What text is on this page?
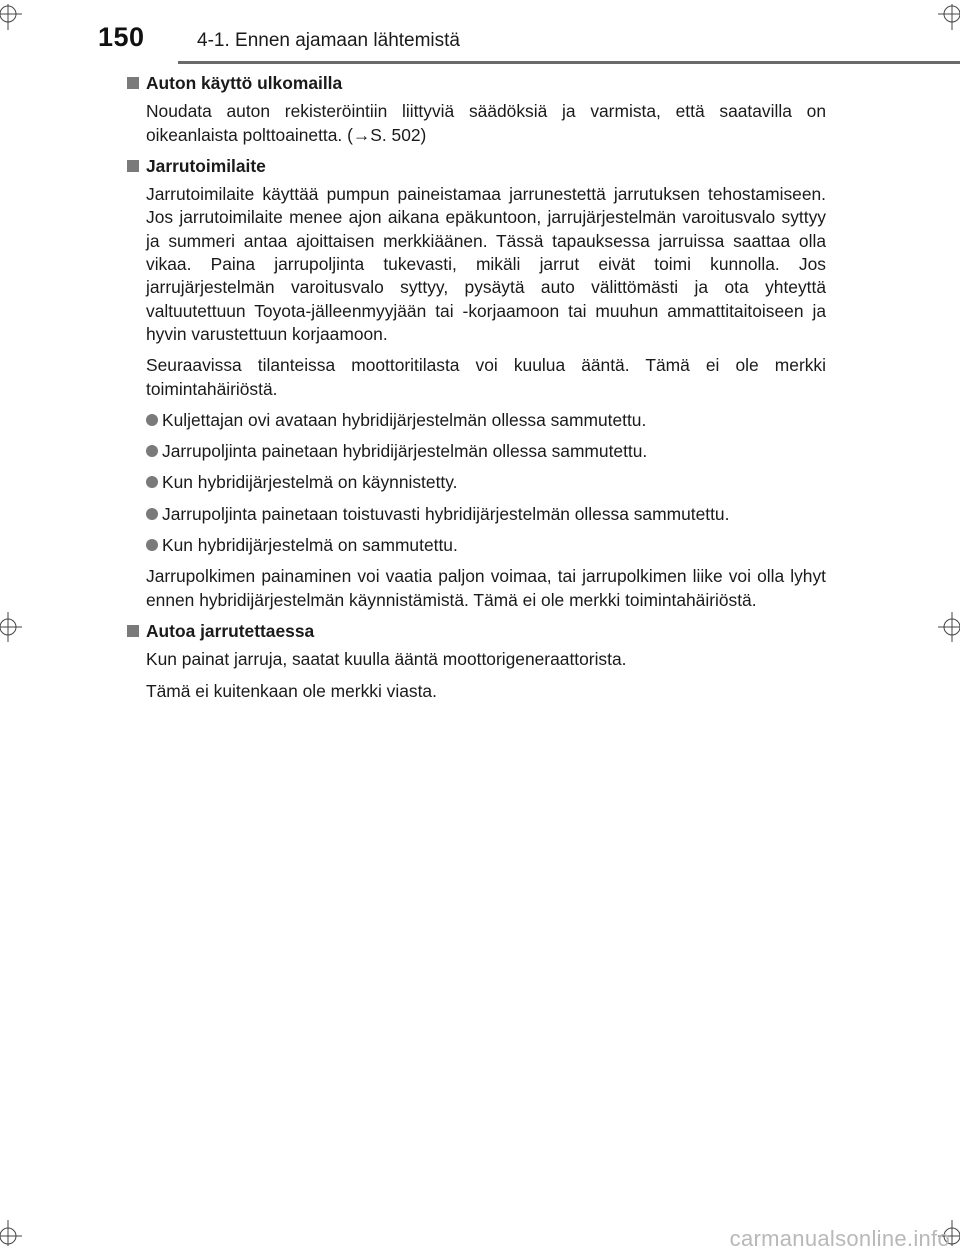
150	4-1. Ennen ajamaan lähtemistä
Auton käyttö ulkomailla

Noudata auton rekisteröintiin liittyviä säädöksiä ja varmista, että saatavilla on oikeanlaista polttoainetta. (→S. 502)

Jarrutoimilaite

Jarrutoimilaite käyttää pumpun paineistamaa jarrunestettä jarrutuksen tehostamiseen. Jos jarrutoimilaite menee ajon aikana epäkuntoon, jarrujärjestelmän varoitusvalo syttyy ja summeri antaa ajoittaisen merkkiäänen. Tässä tapauksessa jarruissa saattaa olla vikaa. Paina jarrupoljinta tukevasti, mikäli jarrut eivät toimi kunnolla. Jos jarrujärjestelmän varoitusvalo syttyy, pysäytä auto välittömästi ja ota yhteyttä valtuutettuun Toyota-jälleenmyyjään tai -korjaamoon tai muuhun ammattitaitoiseen ja hyvin varustettuun korjaamoon.

Seuraavissa tilanteissa moottoritilasta voi kuulua ääntä. Tämä ei ole merkki toimintahäiriöstä.

Kuljettajan ovi avataan hybridijärjestelmän ollessa sammutettu.
Jarrupoljinta painetaan hybridijärjestelmän ollessa sammutettu.
Kun hybridijärjestelmä on käynnistetty.
Jarrupoljinta painetaan toistuvasti hybridijärjestelmän ollessa sammutettu.
Kun hybridijärjestelmä on sammutettu.

Jarrupolkimen painaminen voi vaatia paljon voimaa, tai jarrupolkimen liike voi olla lyhyt ennen hybridijärjestelmän käynnistämistä. Tämä ei ole merkki toimintahäiriöstä.

Autoa jarrutettaessa

Kun painat jarruja, saatat kuulla ääntä moottorigeneraattorista.

Tämä ei kuitenkaan ole merkki viasta.

carmanualsonline.info
